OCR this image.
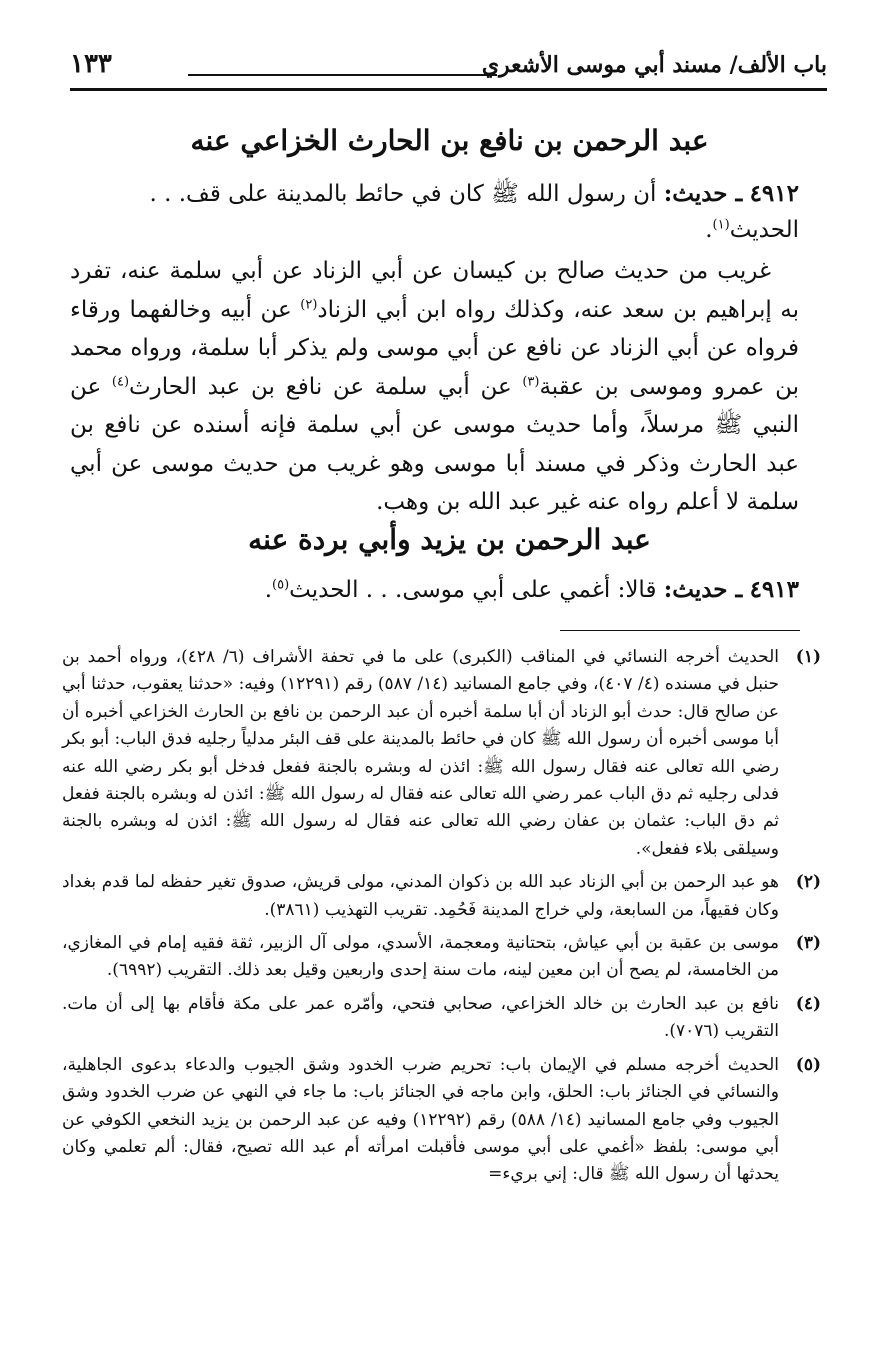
باب الألف/ مسند أبي موسى الأشعري
١٣٣
عبد الرحمن بن نافع بن الحارث الخزاعي عنه
٤٩١٢ ـ حديث: أن رسول الله ﷺ كان في حائط بالمدينة على قف. . . الحديث$^{(١)}$.

غريب من حديث صالح بن كيسان عن أبي الزناد عن أبي سلمة عنه، تفرد به إبراهيم بن سعد عنه، وكذلك رواه ابن أبي الزناد$^{(٢)}$ عن أبيه وخالفهما ورقاء فرواه عن أبي الزناد عن نافع عن أبي موسى ولم يذكر أبا سلمة، ورواه محمد بن عمرو وموسى بن عقبة$^{(٣)}$ عن أبي سلمة عن نافع بن عبد الحارث$^{(٤)}$ عن النبي ﷺ مرسلاً، وأما حديث موسى عن أبي سلمة فإنه أسنده عن نافع بن عبد الحارث وذكر في مسند أبا موسى وهو غريب من حديث موسى عن أبي سلمة لا أعلم رواه عنه غير عبد الله بن وهب.

عبد الرحمن بن يزيد وأبي بردة عنه
٤٩١٣ ـ حديث: قالا: أغمي على أبي موسى. . . الحديث$^{(٥)}$.
(١)
الحديث أخرجه النسائي في المناقب (الكبرى) على ما في تحفة الأشراف (٦/ ٤٢٨)، ورواه أحمد بن حنبل في مسنده (٤/ ٤٠٧)، وفي جامع المسانيد (١٤/ ٥٨٧) رقم (١٢٢٩١) وفيه: «حدثنا يعقوب، حدثنا أبي عن صالح قال: حدث أبو الزناد أن أبا سلمة أخبره أن عبد الرحمن بن نافع بن الحارث الخزاعي أخبره أن أبا موسى أخبره أن رسول الله ﷺ كان في حائط بالمدينة على قف البئر مدلياً رجليه فدق الباب: أبو بكر رضي الله تعالى عنه فقال رسول الله ﷺ: ائذن له وبشره بالجنة ففعل فدخل أبو بكر رضي الله عنه فدلى رجليه ثم دق الباب عمر رضي الله تعالى عنه فقال له رسول الله ﷺ: ائذن له وبشره بالجنة ففعل ثم دق الباب: عثمان بن عفان رضي الله تعالى عنه فقال له رسول الله ﷺ: ائذن له وبشره بالجنة وسيلقى بلاء ففعل».
(٢)
هو عبد الرحمن بن أبي الزناد عبد الله بن ذكوان المدني، مولى قريش، صدوق تغير حفظه لما قدم بغداد وكان فقيهاً، من السابعة، ولي خراج المدينة فَحُمِد. تقريب التهذيب (٣٨٦١).
(٣)
موسى بن عقبة بن أبي عياش، بتحتانية ومعجمة، الأسدي، مولى آل الزبير، ثقة فقيه إمام في المغازي، من الخامسة، لم يصح أن ابن معين لينه، مات سنة إحدى واربعين وقيل بعد ذلك. التقريب (٦٩٩٢).
(٤)
نافع بن عبد الحارث بن خالد الخزاعي، صحابي فتحي، وأمّره عمر على مكة فأقام بها إلى أن مات. التقريب (٧٠٧٦).
(٥)
الحديث أخرجه مسلم في الإيمان باب: تحريم ضرب الخدود وشق الجيوب والدعاء بدعوى الجاهلية، والنسائي في الجنائز باب: الحلق، وابن ماجه في الجنائز باب: ما جاء في النهي عن ضرب الخدود وشق الجيوب وفي جامع المسانيد (١٤/ ٥٨٨) رقم (١٢٢٩٢) وفيه عن عبد الرحمن بن يزيد النخعي الكوفي عن أبي موسى: بلفظ «أغمي على أبي موسى فأقبلت امرأته أم عبد الله تصيح، فقال: ألم تعلمي وكان يحدثها أن رسول الله ﷺ قال: إني بريء=
